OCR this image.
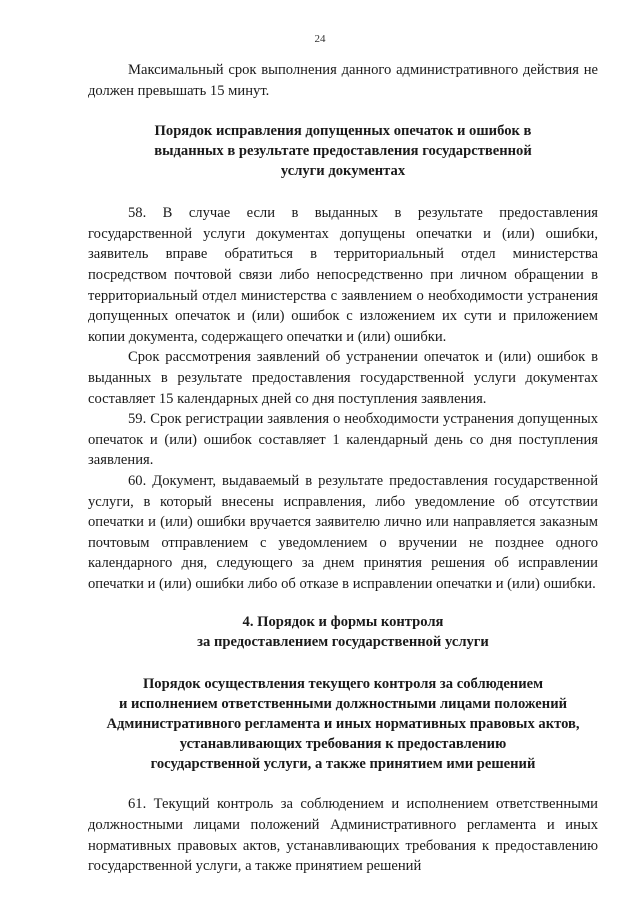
24

Максимальный срок выполнения данного административного действия не должен превышать 15 минут.

Порядок исправления допущенных опечаток и ошибок в выданных в результате предоставления государственной услуги документах

58. В случае если в выданных в результате предоставления государственной услуги документах допущены опечатки и (или) ошибки, заявитель вправе обратиться в территориальный отдел министерства посредством почтовой связи либо непосредственно при личном обращении в территориальный отдел министерства с заявлением о необходимости устранения допущенных опечаток и (или) ошибок с изложением их сути и приложением копии документа, содержащего опечатки и (или) ошибки.

Срок рассмотрения заявлений об устранении опечаток и (или) ошибок в выданных в результате предоставления государственной услуги документах составляет 15 календарных дней со дня поступления заявления.

59. Срок регистрации заявления о необходимости устранения допущенных опечаток и (или) ошибок составляет 1 календарный день со дня поступления заявления.

60. Документ, выдаваемый в результате предоставления государственной услуги, в который внесены исправления, либо уведомление об отсутствии опечатки и (или) ошибки вручается заявителю лично или направляется заказным почтовым отправлением с уведомлением о вручении не позднее одного календарного дня, следующего за днем принятия решения об исправлении опечатки и (или) ошибки либо об отказе в исправлении опечатки и (или) ошибки.

4. Порядок и формы контроля

за предоставлением государственной услуги

Порядок осуществления текущего контроля за соблюдением

и исполнением ответственными должностными лицами положений

Административного регламента и иных нормативных правовых актов,

устанавливающих требования к предоставлению

государственной услуги, а также принятием ими решений

61. Текущий контроль за соблюдением и исполнением ответственными должностными лицами положений Административного регламента и иных нормативных правовых актов, устанавливающих требования к предоставлению государственной услуги, а также принятием решений
